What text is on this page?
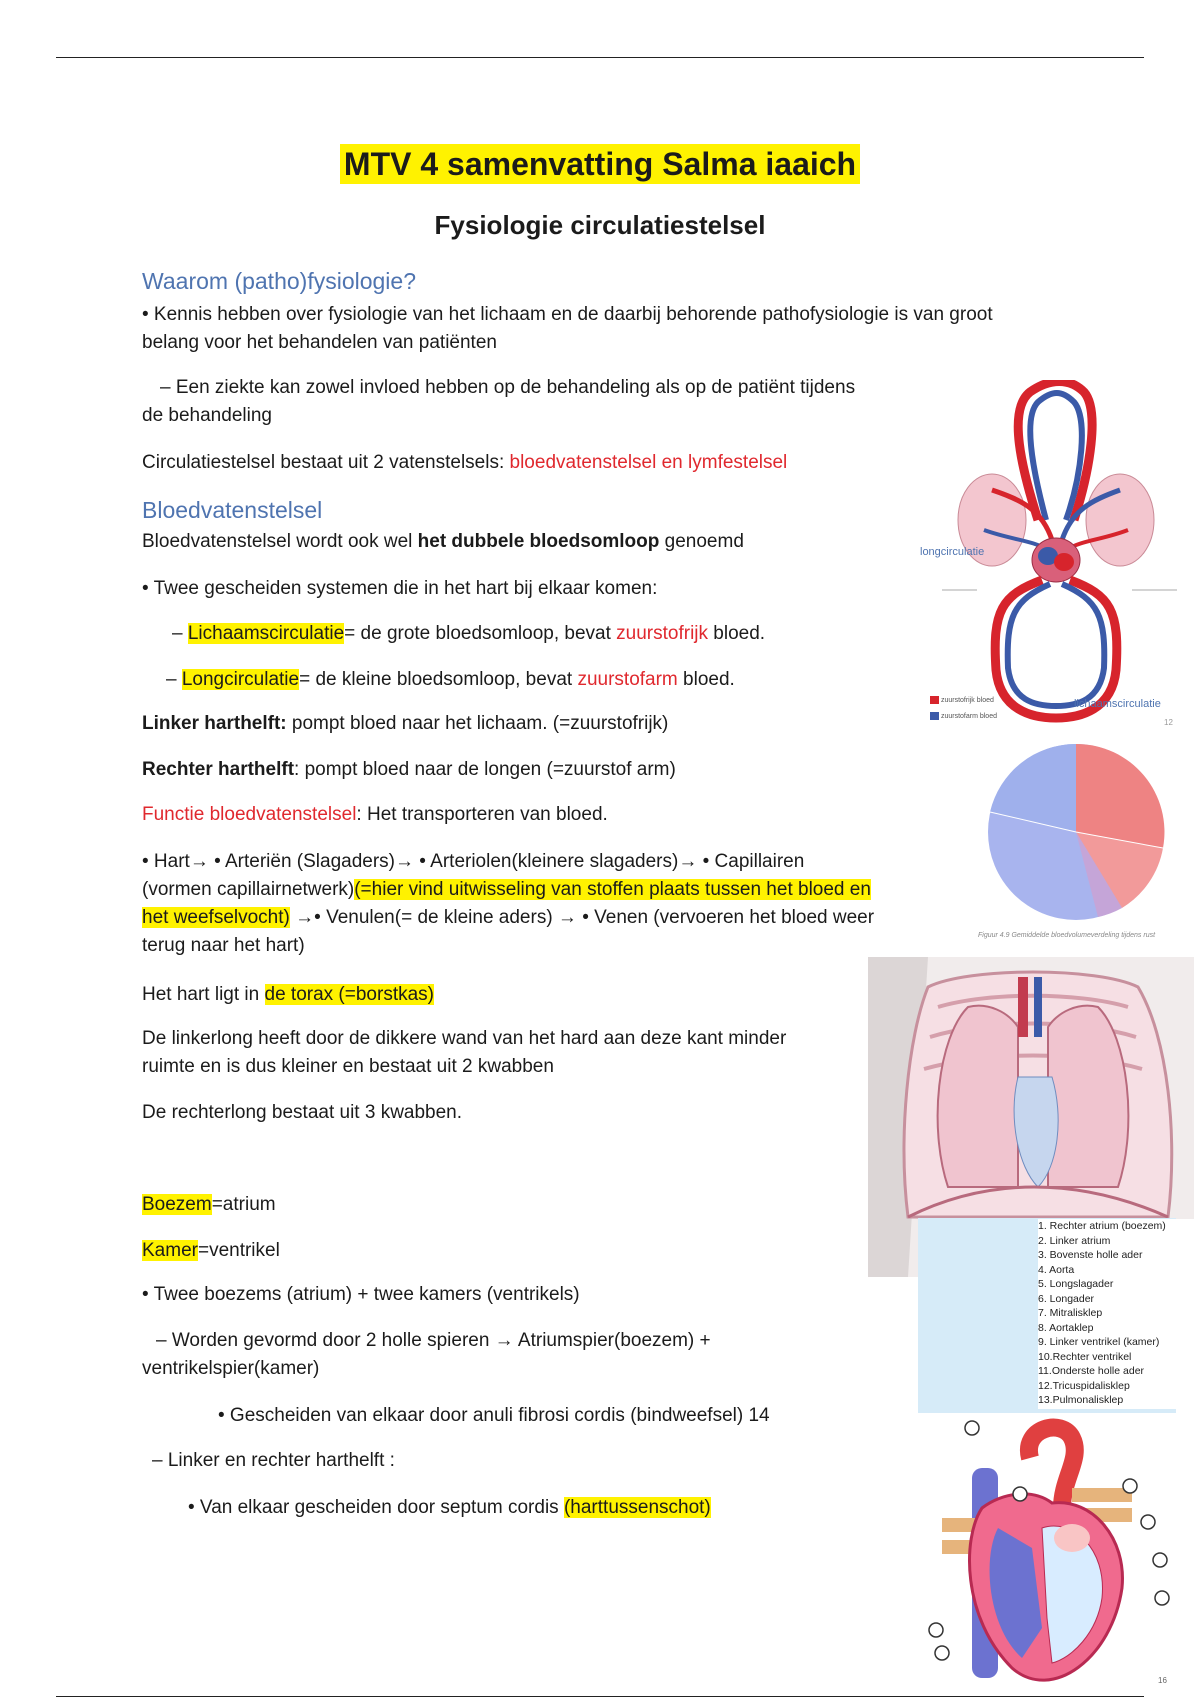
MTV 4 samenvatting Salma iaaich
Fysiologie circulatiestelsel
Waarom (patho)fysiologie?
• Kennis hebben over fysiologie van het lichaam en de daarbij behorende pathofysiologie is van groot
belang voor het behandelen van patiënten
– Een ziekte kan zowel invloed hebben op de behandeling als op de patiënt tijdens
de behandeling
Circulatiestelsel bestaat uit 2 vatenstelsels: bloedvatenstelsel en lymfestelsel
Bloedvatenstelsel
Bloedvatenstelsel wordt ook wel het dubbele bloedsomloop genoemd
• Twee gescheiden systemen die in het hart bij elkaar komen:
– Lichaamscirculatie= de grote bloedsomloop, bevat zuurstofrijk bloed.
– Longcirculatie= de kleine bloedsomloop, bevat zuurstofarm bloed.
Linker harthelft: pompt bloed naar het lichaam. (=zuurstofrijk)
Rechter harthelft: pompt bloed naar de longen (=zuurstof arm)
Functie bloedvatenstelsel: Het transporteren van bloed.
• Hart→ • Arteriën (Slagaders)→ • Arteriolen(kleinere slagaders)→ • Capillairen
(vormen capillairnetwerk)(=hier vind uitwisseling van stoffen plaats tussen het bloed en
het weefselvocht) →• Venulen(= de kleine aders) → • Venen (vervoeren het bloed weer
terug naar het hart)
Het hart ligt in de torax (=borstkas)
De linkerlong heeft door de dikkere wand van het hard aan deze kant minder
ruimte en is dus kleiner en bestaat uit 2 kwabben
De rechterlong bestaat uit 3 kwabben.
Boezem=atrium
Kamer=ventrikel
• Twee boezems (atrium) + twee kamers (ventrikels)
– Worden gevormd door 2 holle spieren → Atriumspier(boezem) +
ventrikelspier(kamer)
• Gescheiden van elkaar door anuli fibrosi cordis (bindweefsel) 14
– Linker en rechter harthelft :
• Van elkaar gescheiden door septum cordis (harttussenschot)
longcirculatie
lichaamscirculatie
zuurstofrijk bloed
zuurstofarm bloed
12
Figuur 4.9 Gemiddelde bloedvolumeverdeling tijdens rust
1. Rechter atrium (boezem)
2. Linker atrium
3. Bovenste holle ader
4. Aorta
5. Longslagader
6. Longader
7. Mitralisklep
8. Aortaklep
9. Linker ventrikel (kamer)
10.Rechter ventrikel
11.Onderste holle ader
12.Tricuspidalisklep
13.Pulmonalisklep
16
